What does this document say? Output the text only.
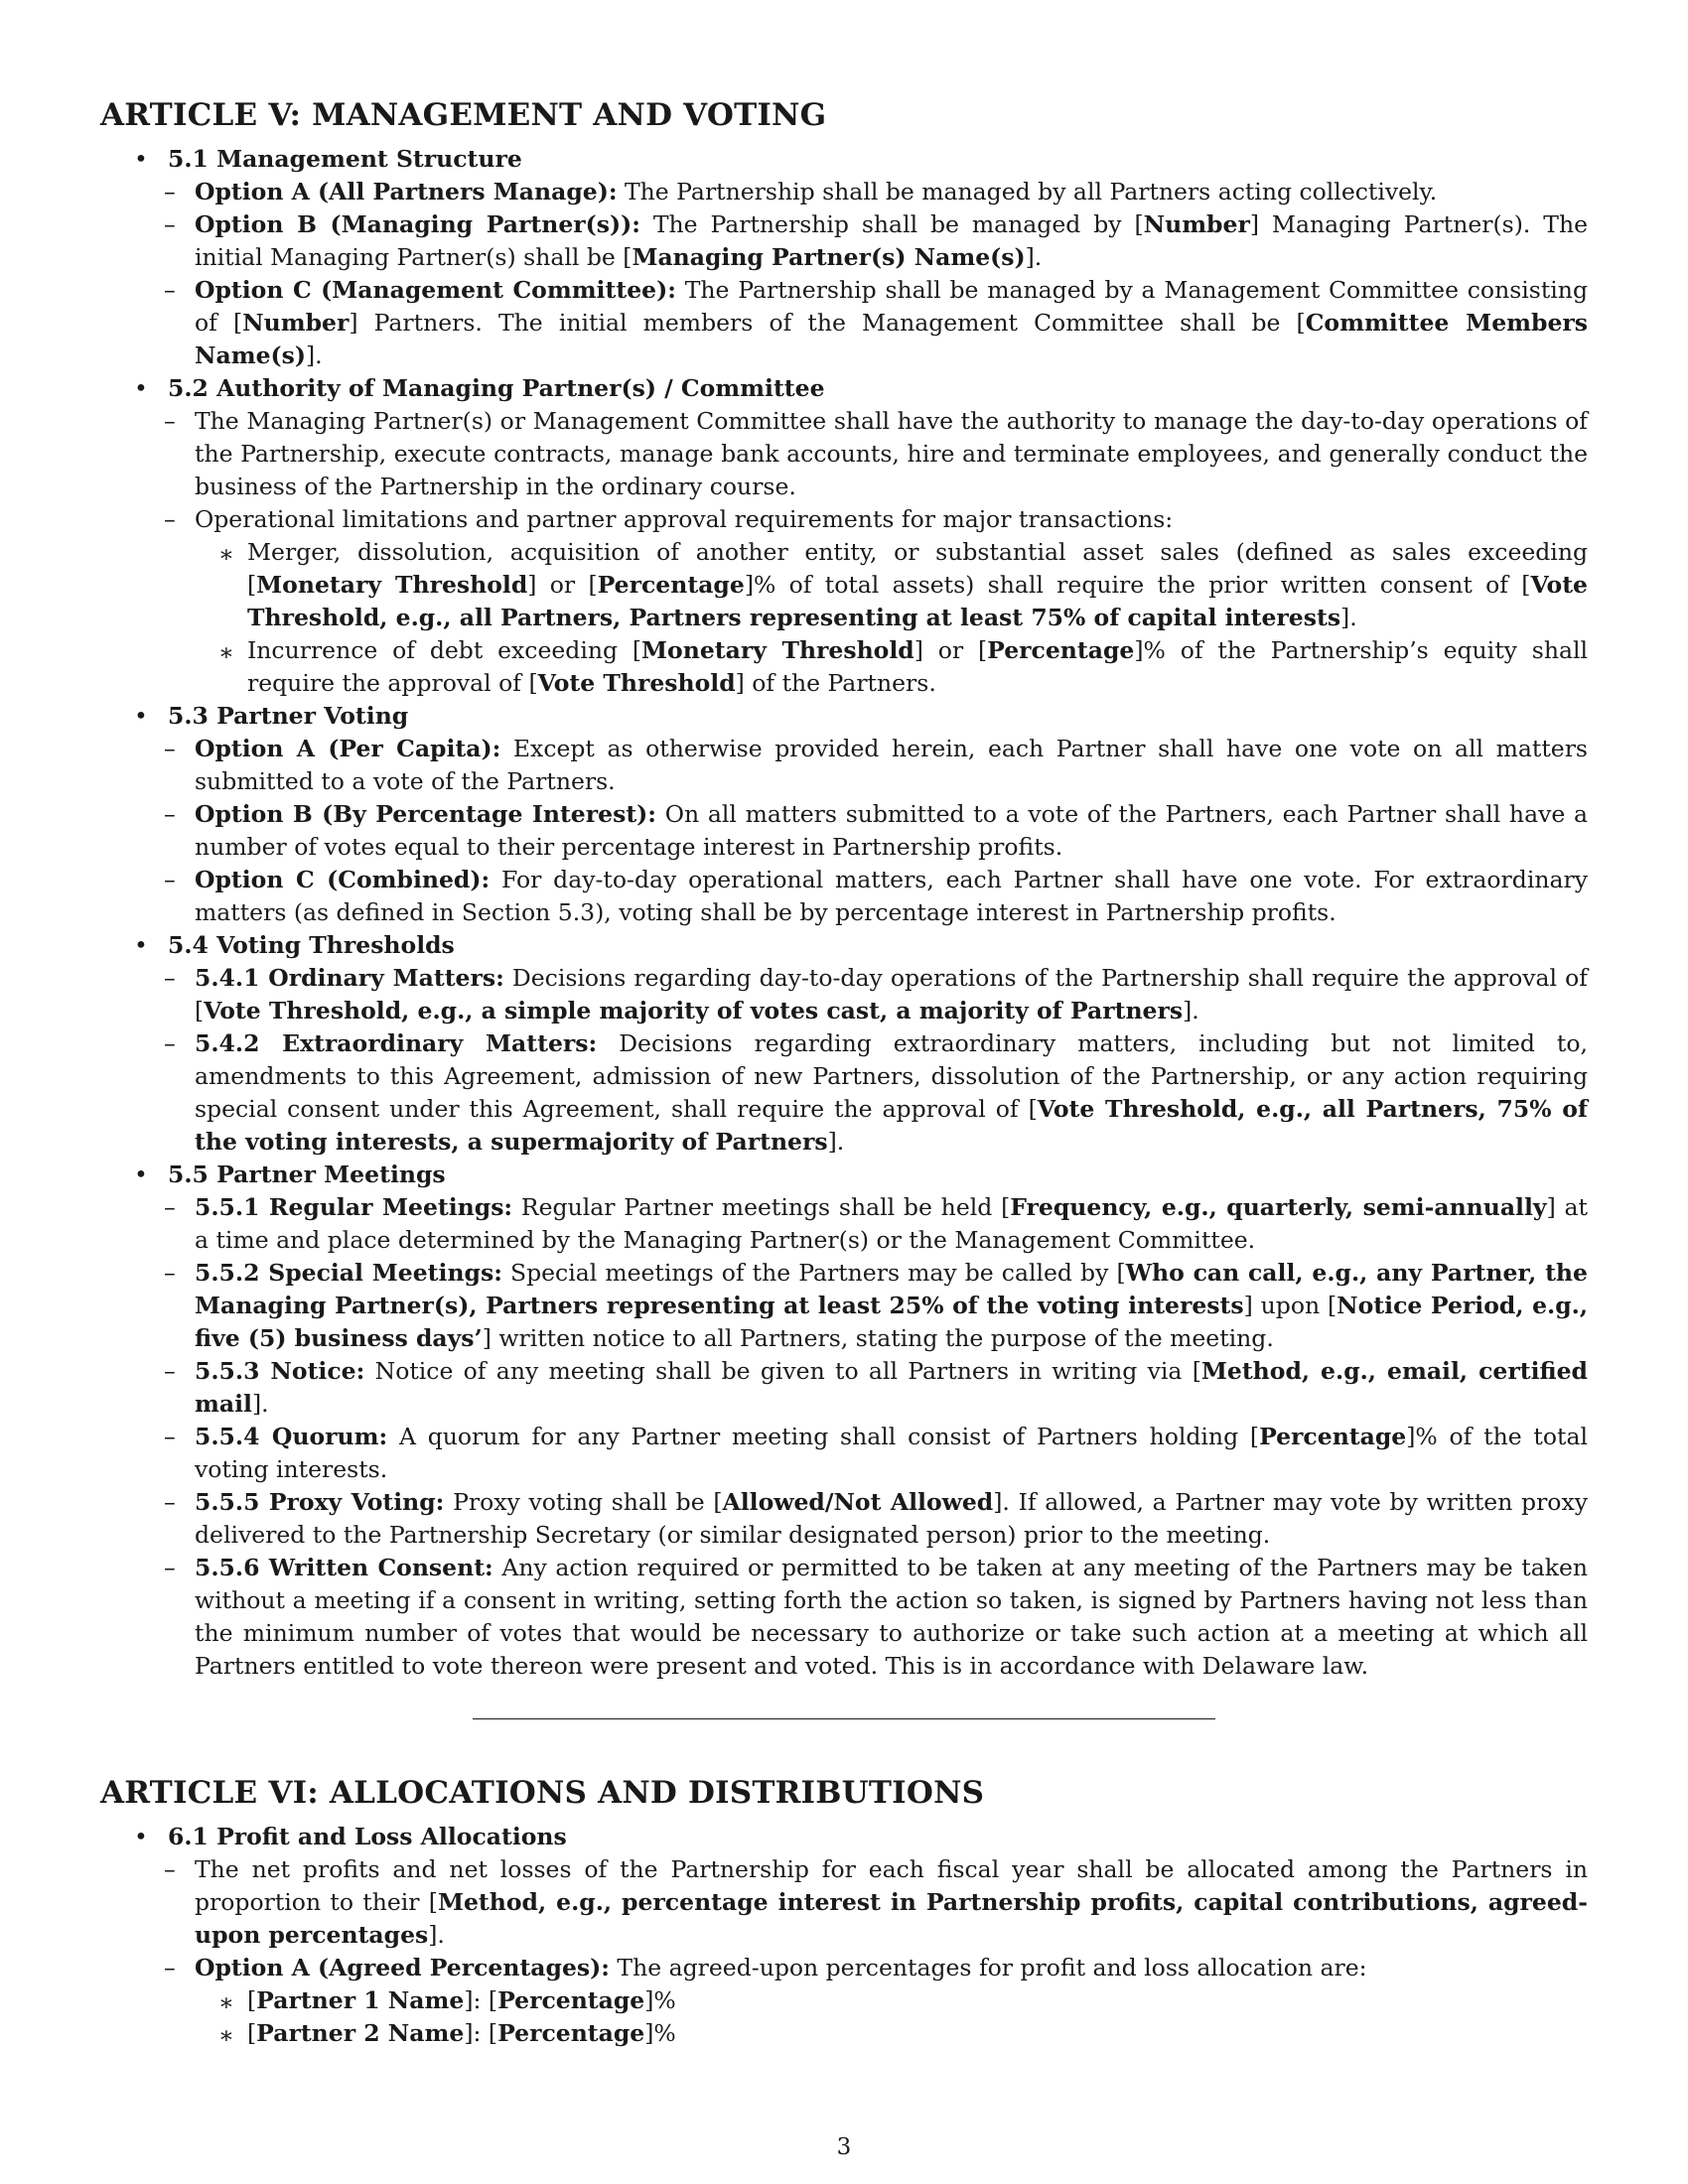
ARTICLE V: MANAGEMENT AND VOTING
• 5.1 Management Structure
– Option A (All Partners Manage): The Partnership shall be managed by all Partners acting collectively.
– Option B (Managing Partner(s)): The Partnership shall be managed by [Number] Managing Partner(s). The initial Managing Partner(s) shall be [Managing Partner(s) Name(s)].
– Option C (Management Committee): The Partnership shall be managed by a Management Committee consisting of [Number] Partners. The initial members of the Management Committee shall be [Committee Members Name(s)].
• 5.2 Authority of Managing Partner(s) / Committee
– The Managing Partner(s) or Management Committee shall have the authority to manage the day-to-day operations of the Partnership, execute contracts, manage bank accounts, hire and terminate employees, and generally conduct the business of the Partnership in the ordinary course.
– Operational limitations and partner approval requirements for major transactions:
∗ Merger, dissolution, acquisition of another entity, or substantial asset sales (defined as sales exceeding [Monetary Threshold] or [Percentage]% of total assets) shall require the prior written consent of [Vote Threshold, e.g., all Partners, Partners representing at least 75% of capital interests].
∗ Incurrence of debt exceeding [Monetary Threshold] or [Percentage]% of the Partnership’s equity shall require the approval of [Vote Threshold] of the Partners.
• 5.3 Partner Voting
– Option A (Per Capita): Except as otherwise provided herein, each Partner shall have one vote on all matters submitted to a vote of the Partners.
– Option B (By Percentage Interest): On all matters submitted to a vote of the Partners, each Partner shall have a number of votes equal to their percentage interest in Partnership profits.
– Option C (Combined): For day-to-day operational matters, each Partner shall have one vote. For extraordinary matters (as defined in Section 5.3), voting shall be by percentage interest in Partnership profits.
• 5.4 Voting Thresholds
– 5.4.1 Ordinary Matters: Decisions regarding day-to-day operations of the Partnership shall require the approval of [Vote Threshold, e.g., a simple majority of votes cast, a majority of Partners].
– 5.4.2 Extraordinary Matters: Decisions regarding extraordinary matters, including but not limited to, amendments to this Agreement, admission of new Partners, dissolution of the Partnership, or any action requiring special consent under this Agreement, shall require the approval of [Vote Threshold, e.g., all Partners, 75% of the voting interests, a supermajority of Partners].
• 5.5 Partner Meetings
– 5.5.1 Regular Meetings: Regular Partner meetings shall be held [Frequency, e.g., quarterly, semi-annually] at a time and place determined by the Managing Partner(s) or the Management Committee.
– 5.5.2 Special Meetings: Special meetings of the Partners may be called by [Who can call, e.g., any Partner, the Managing Partner(s), Partners representing at least 25% of the voting interests] upon [Notice Period, e.g., five (5) business days’] written notice to all Partners, stating the purpose of the meeting.
– 5.5.3 Notice: Notice of any meeting shall be given to all Partners in writing via [Method, e.g., email, certified mail].
– 5.5.4 Quorum: A quorum for any Partner meeting shall consist of Partners holding [Percentage]% of the total voting interests.
– 5.5.5 Proxy Voting: Proxy voting shall be [Allowed/Not Allowed]. If allowed, a Partner may vote by written proxy delivered to the Partnership Secretary (or similar designated person) prior to the meeting.
– 5.5.6 Written Consent: Any action required or permitted to be taken at any meeting of the Partners may be taken without a meeting if a consent in writing, setting forth the action so taken, is signed by Partners having not less than the minimum number of votes that would be necessary to authorize or take such action at a meeting at which all Partners entitled to vote thereon were present and voted. This is in accordance with Delaware law.
ARTICLE VI: ALLOCATIONS AND DISTRIBUTIONS
• 6.1 Profit and Loss Allocations
– The net profits and net losses of the Partnership for each fiscal year shall be allocated among the Partners in proportion to their [Method, e.g., percentage interest in Partnership profits, capital contributions, agreed-upon percentages].
– Option A (Agreed Percentages): The agreed-upon percentages for profit and loss allocation are:
∗ [Partner 1 Name]: [Percentage]%
∗ [Partner 2 Name]: [Percentage]%
3
